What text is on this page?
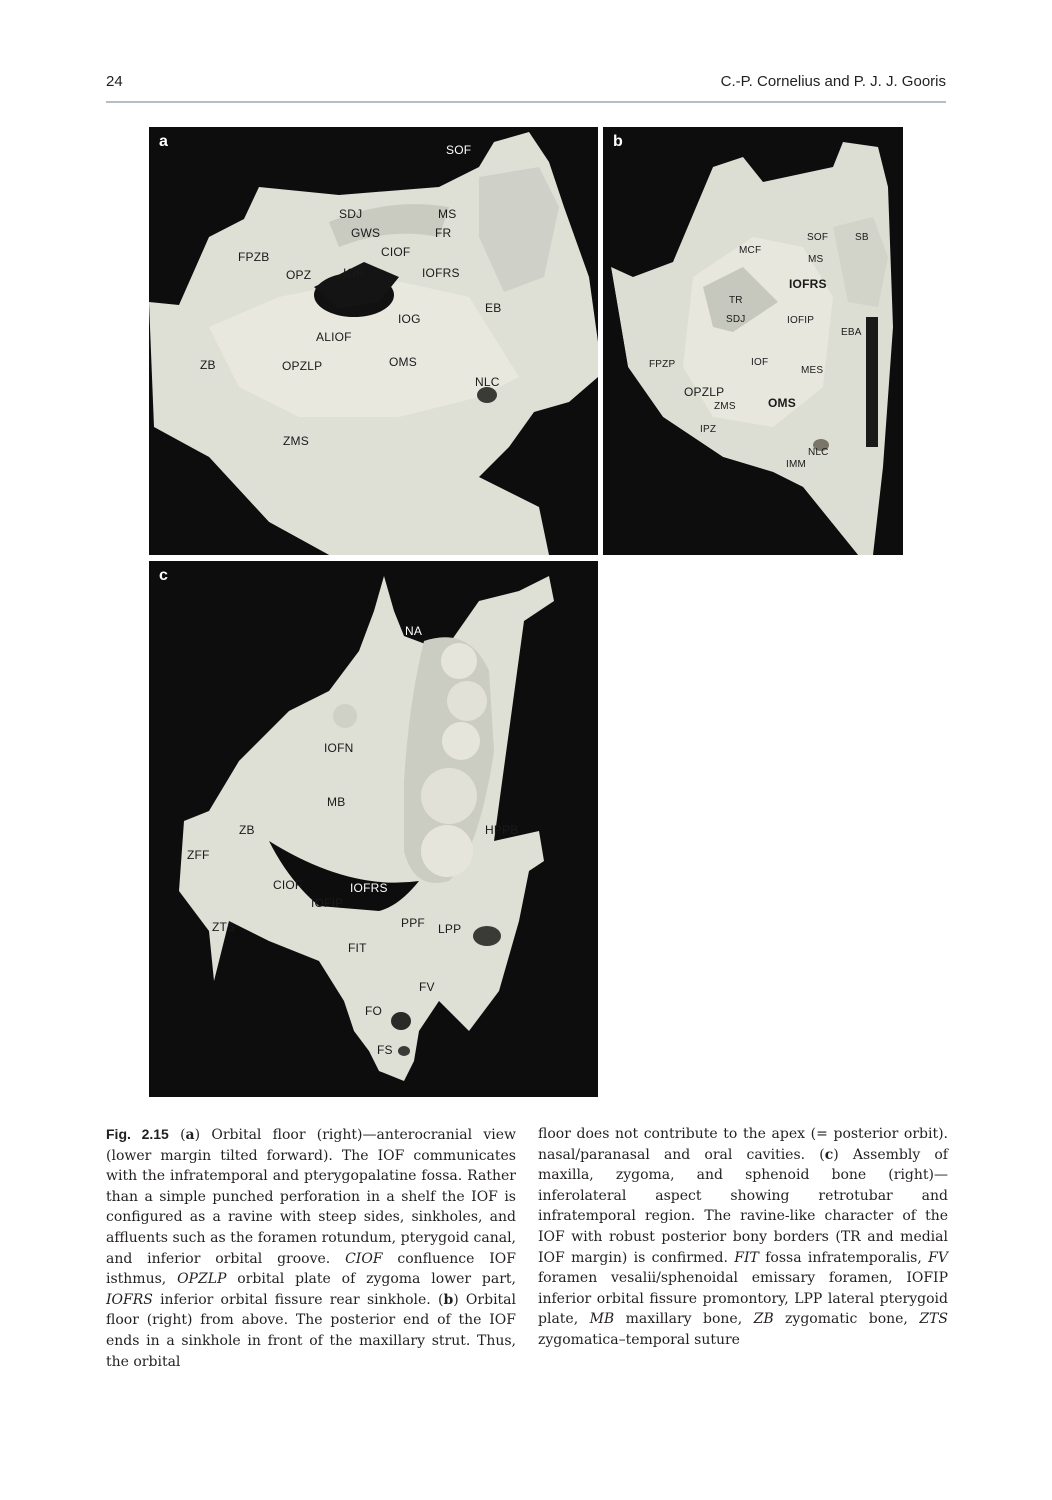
24	C.-P. Cornelius and P. J. J. Gooris
a	SOF
SDJ	MS
GWS	FR
CIOF
FPZB
OPZ	IOF	IOFRS
EB
IOG
ALIOF
ZB	OPZLP	OMS
NLC
ZMS
b
MCF
SOF	SB
MS
IOFRS
TR
SDJ	IOFIP
EBA
FPZP	IOF
MES
OPZLP
ZMS	OMS
IPZ
NLC
IMM
c
NA
IOFN
MB
ZB	HPPB
ZFF
CIOF	IOFRS
IOFIP
PPF LPP
ZTS
FIT
FV
FO
FS

Fig. 2.15 (a) Orbital floor (right)—anterocranial view (lower margin tilted forward). The IOF communicates with the infratemporal and pterygopalatine fossa. Rather than a simple punched perforation in a shelf the IOF is configured as a ravine with steep sides, sinkholes, and affluents such as the foramen rotundum, pterygoid canal, and inferior orbital groove. CIOF confluence IOF isthmus, OPZLP orbital plate of zygoma lower part, IOFRS inferior orbital fissure rear sinkhole. (b) Orbital floor (right) from above. The posterior end of the IOF ends in a sinkhole in front of the maxillary strut. Thus, the orbital

floor does not contribute to the apex (= posterior orbit). nasal/paranasal and oral cavities. (c) Assembly of maxilla, zygoma, and sphenoid bone (right)—inferolateral aspect showing retrotubar and infratemporal region. The ravine-like character of the IOF with robust posterior bony borders (TR and medial IOF margin) is confirmed. FIT fossa infratemporalis, FV foramen vesalii/sphenoidal emissary foramen, IOFIP inferior orbital fissure promontory, LPP lateral pterygoid plate, MB maxillary bone, ZB zygomatic bone, ZTS zygomatica–temporal suture
